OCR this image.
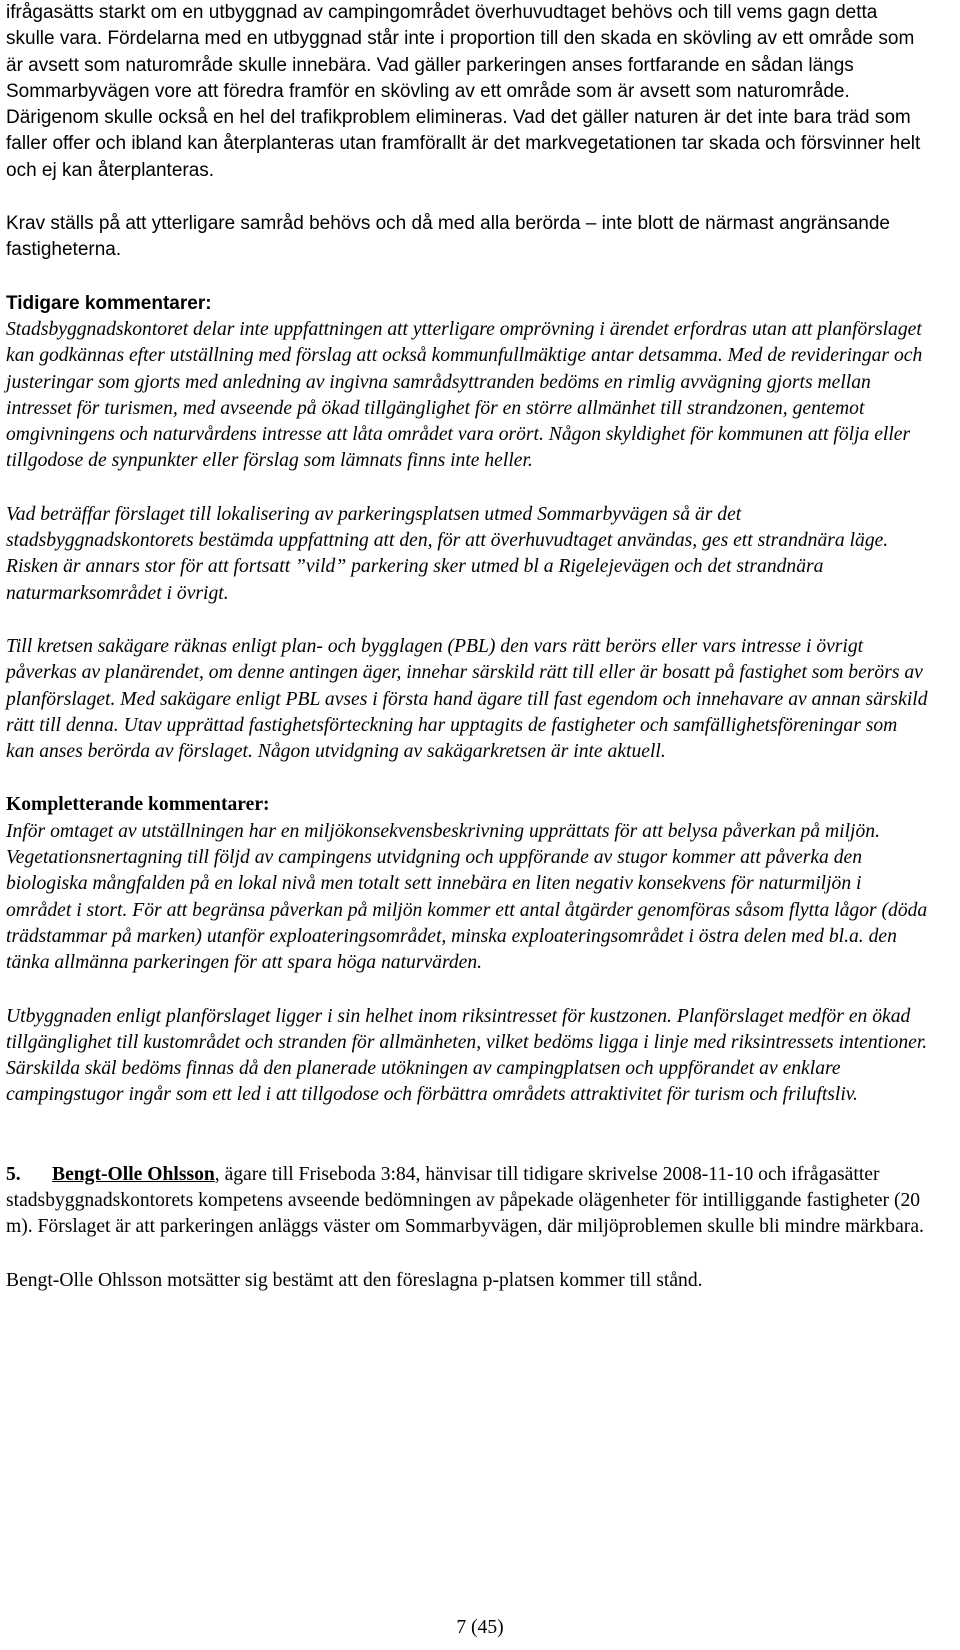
ifrågasätts starkt om en utbyggnad av campingområdet överhuvudtaget behövs och till vems gagn detta skulle vara. Fördelarna med en utbyggnad står inte i proportion till den skada en skövling av ett område som är avsett som naturområde skulle innebära. Vad gäller parkeringen anses fortfarande en sådan längs Sommarbyvägen vore att föredra framför en skövling av ett område som är avsett som naturområde. Därigenom skulle också en hel del trafikproblem elimineras. Vad det gäller naturen är det inte bara träd som faller offer och ibland kan återplanteras utan framförallt är det markvegetationen tar skada och försvinner helt och ej kan återplanteras.

Krav ställs på att ytterligare samråd behövs och då med alla berörda – inte blott de närmast angränsande fastigheterna.

Tidigare kommentarer:

Stadsbyggnadskontoret delar inte uppfattningen att ytterligare omprövning i ärendet erfordras utan att planförslaget kan godkännas efter utställning med förslag att också kommunfullmäktige antar detsamma. Med de revideringar och justeringar som gjorts med anledning av ingivna samrådsyttranden bedöms en rimlig avvägning gjorts mellan intresset för turismen, med avseende på ökad tillgänglighet för en större allmänhet till strandzonen, gentemot omgivningens och naturvårdens intresse att låta området vara orört. Någon skyldighet för kommunen att följa eller tillgodose de synpunkter eller förslag som lämnats finns inte heller.

Vad beträffar förslaget till lokalisering av parkeringsplatsen utmed Sommarbyvägen så är det stadsbyggnadskontorets bestämda uppfattning att den, för att överhuvudtaget användas, ges ett strandnära läge. Risken är annars stor för att fortsatt ”vild” parkering sker utmed bl a Rigelejevägen och det strandnära naturmarksområdet i övrigt.

Till kretsen sakägare räknas enligt plan- och bygglagen (PBL) den vars rätt berörs eller vars intresse i övrigt påverkas av planärendet, om denne antingen äger, innehar särskild rätt till eller är bosatt på fastighet som berörs av planförslaget. Med sakägare enligt PBL avses i första hand ägare till fast egendom och innehavare av annan särskild rätt till denna. Utav upprättad fastighetsförteckning har upptagits de fastigheter och samfällighetsföreningar som kan anses berörda av förslaget. Någon utvidgning av sakägarkretsen är inte aktuell.

Kompletterande kommentarer:

Inför omtaget av utställningen har en miljökonsekvensbeskrivning upprättats för att belysa påverkan på miljön. Vegetationsnertagning till följd av campingens utvidgning och uppförande av stugor kommer att påverka den biologiska mångfalden på en lokal nivå men totalt sett innebära en liten negativ konsekvens för naturmiljön i området i stort. För att begränsa påverkan på miljön kommer ett antal åtgärder genomföras såsom flytta lågor (döda trädstammar på marken) utanför exploateringsområdet, minska exploateringsområdet i östra delen med bl.a. den tänka allmänna parkeringen för att spara höga naturvärden.

Utbyggnaden enligt planförslaget ligger i sin helhet inom riksintresset för kustzonen. Planförslaget medför en ökad tillgänglighet till kustområdet och stranden för allmänheten, vilket bedöms ligga i linje med riksintressets intentioner. Särskilda skäl bedöms finnas då den planerade utökningen av campingplatsen och uppförandet av enklare campingstugor ingår som ett led i att tillgodose och förbättra områdets attraktivitet för turism och friluftsliv.

5. Bengt-Olle Ohlsson, ägare till Friseboda 3:84, hänvisar till tidigare skrivelse 2008-11-10 och ifrågasätter stadsbyggnadskontorets kompetens avseende bedömningen av påpekade olägenheter för intilliggande fastigheter (20 m). Förslaget är att parkeringen anläggs väster om Sommarbyvägen, där miljöproblemen skulle bli mindre märkbara.

Bengt-Olle Ohlsson motsätter sig bestämt att den föreslagna p-platsen kommer till stånd.

7 (45)
